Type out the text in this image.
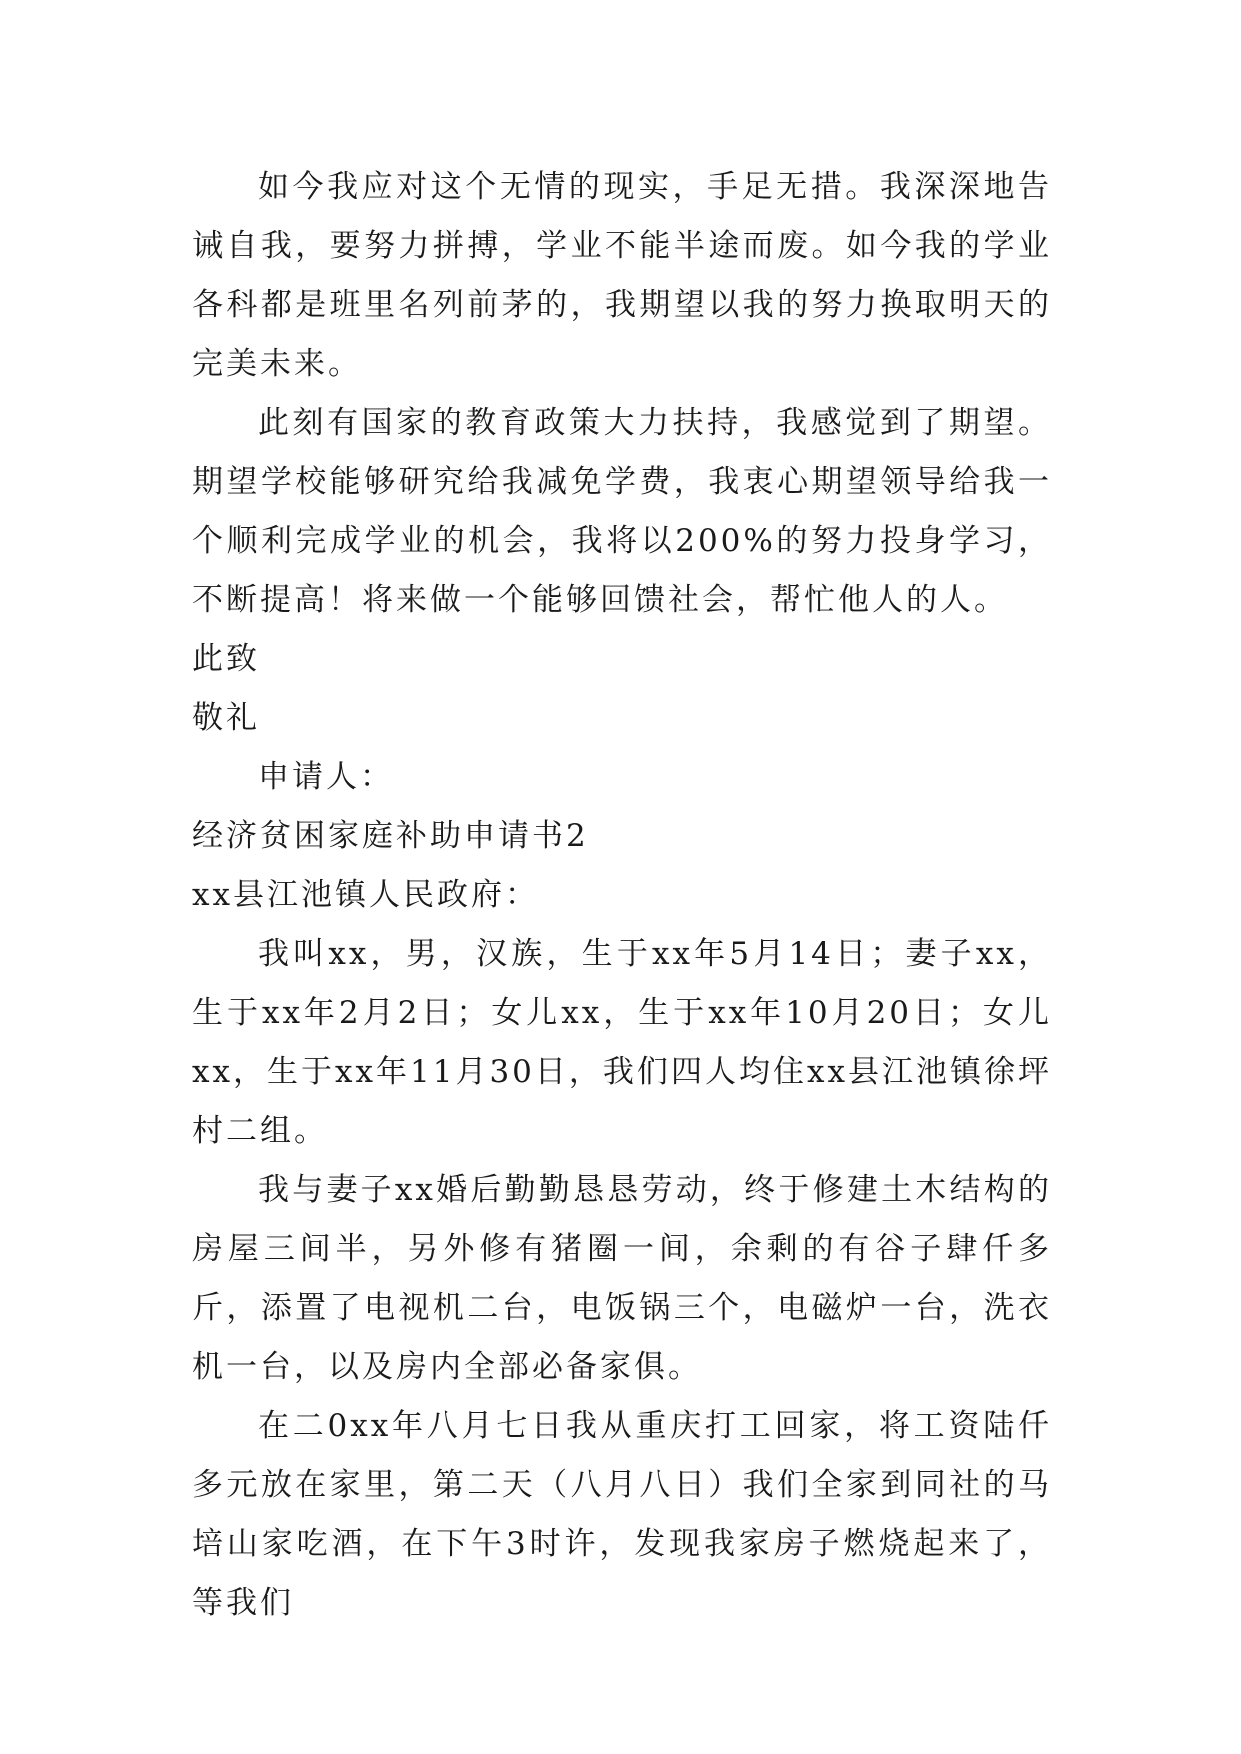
如今我应对这个无情的现实，手足无措。我深深地告诫自我，要努力拼搏，学业不能半途而废。如今我的学业各科都是班里名列前茅的，我期望以我的努力换取明天的完美未来。

此刻有国家的教育政策大力扶持，我感觉到了期望。期望学校能够研究给我减免学费，我衷心期望领导给我一个顺利完成学业的机会，我将以200%的努力投身学习，不断提高！将来做一个能够回馈社会，帮忙他人的人。

此致

敬礼

申请人：

经济贫困家庭补助申请书2

xx县江池镇人民政府：

我叫xx，男，汉族，生于xx年5月14日；妻子xx，生于xx年2月2日；女儿xx，生于xx年10月20日；女儿xx，生于xx年11月30日，我们四人均住xx县江池镇徐坪村二组。

我与妻子xx婚后勤勤恳恳劳动，终于修建土木结构的房屋三间半，另外修有猪圈一间，余剩的有谷子肆仟多斤，添置了电视机二台，电饭锅三个，电磁炉一台，洗衣机一台，以及房内全部必备家俱。

在二0xx年八月七日我从重庆打工回家，将工资陆仟多元放在家里，第二天（八月八日）我们全家到同社的马培山家吃酒，在下午3时许，发现我家房子燃烧起来了，等我们
